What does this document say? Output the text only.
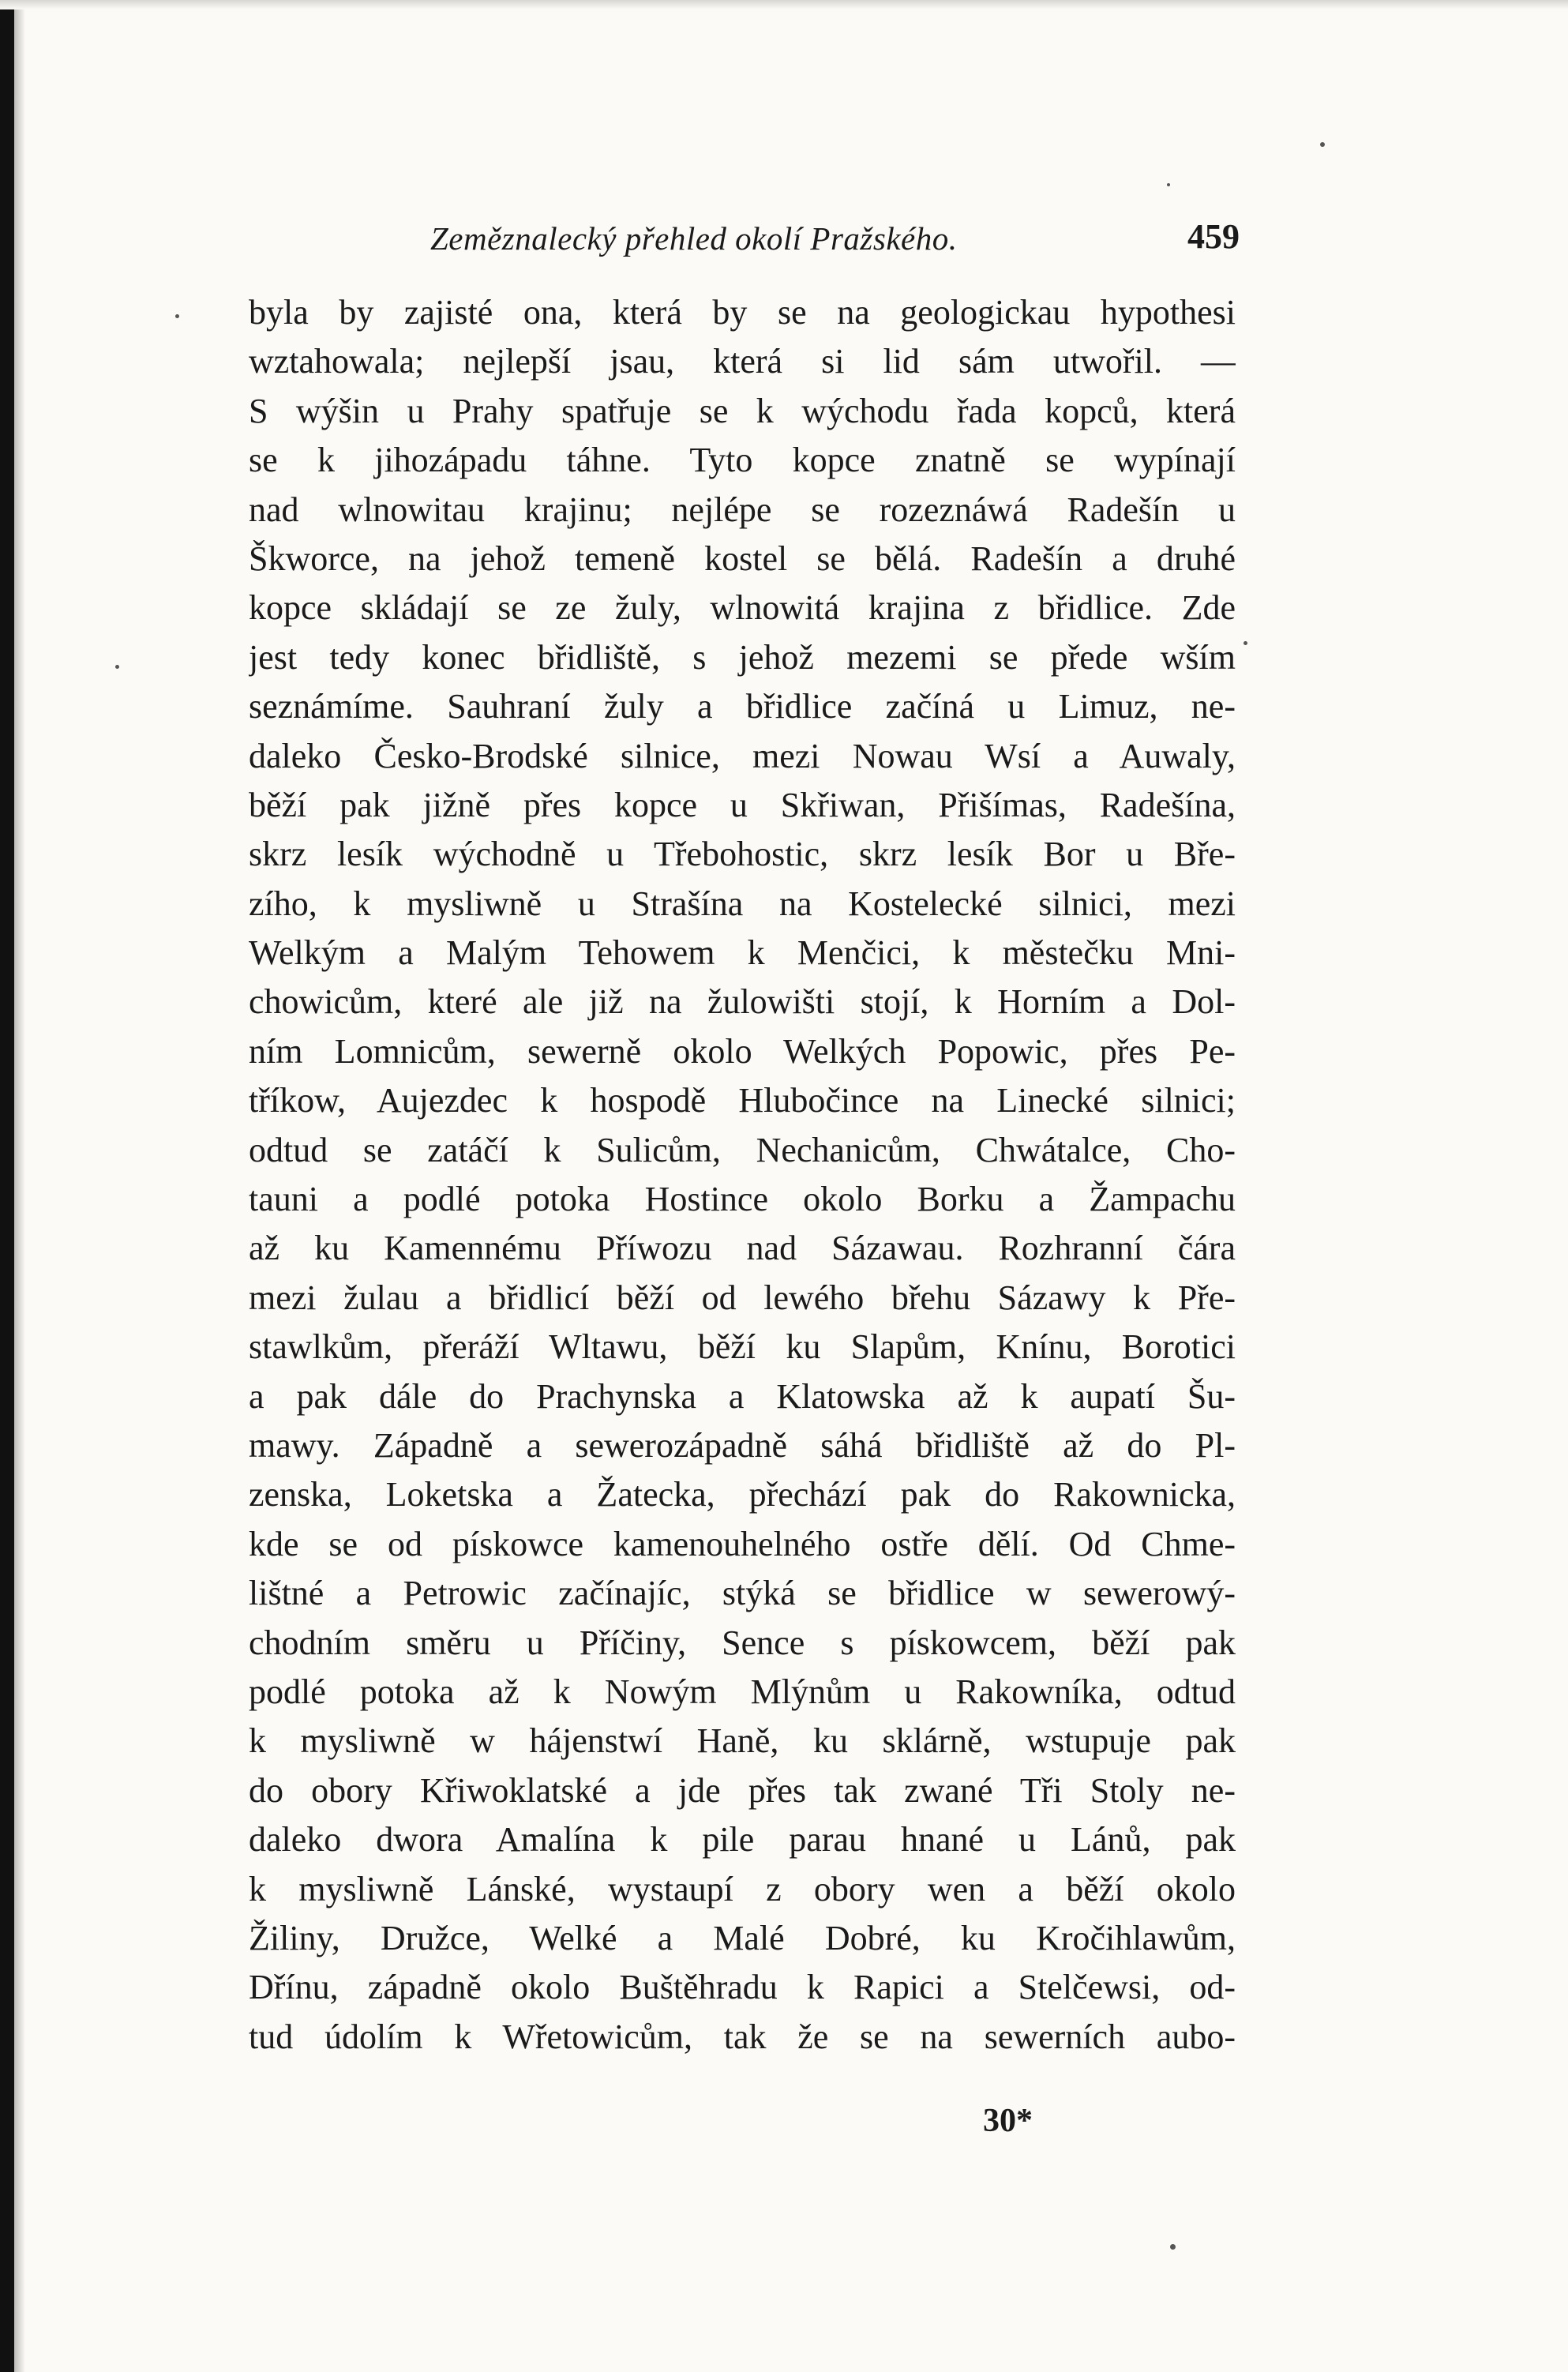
Zeměznalecký přehled okolí Pražského.	459
byla by zajisté ona, která by se na geologickau hypothesi
wztahowala; nejlepší jsau, která si lid sám utwořil. —
S wýšin u Prahy spatřuje se k wýchodu řada kopců, která
se k jihozápadu táhne. Tyto kopce znatně se wypínají
nad wlnowitau krajinu; nejlépe se rozeznáwá Radešín u
Škworce, na jehož temeně kostel se bělá. Radešín a druhé
kopce skládají se ze žuly, wlnowitá krajina z břidlice. Zde
jest tedy konec břidliště, s jehož mezemi se přede wším
seznámíme. Sauhraní žuly a břidlice začíná u Limuz, ne-
daleko Česko-Brodské silnice, mezi Nowau Wsí a Auwaly,
běží pak jižně přes kopce u Skřiwan, Přišímas, Radešína,
skrz lesík wýchodně u Třebohostic, skrz lesík Bor u Bře-
zího, k mysliwně u Strašína na Kostelecké silnici, mezi
Welkým a Malým Tehowem k Menčici, k městečku Mni-
chowicům, které ale již na žulowišti stojí, k Horním a Dol-
ním Lomnicům, sewerně okolo Welkých Popowic, přes Pe-
tříkow, Aujezdec k hospodě Hlubočince na Linecké silnici;
odtud se zatáčí k Sulicům, Nechanicům, Chwátalce, Cho-
tauni a podlé potoka Hostince okolo Borku a Žampachu
až ku Kamennému Příwozu nad Sázawau. Rozhranní čára
mezi žulau a břidlicí běží od lewého břehu Sázawy k Pře-
stawlkům, přeráží Wltawu, běží ku Slapům, Knínu, Borotici
a pak dále do Prachynska a Klatowska až k aupatí Šu-
mawy. Západně a sewerozápadně sáhá břidliště až do Pl-
zenska, Loketska a Žatecka, přechází pak do Rakownicka,
kde se od pískowce kamenouhelného ostře dělí. Od Chme-
lištné a Petrowic začínajíc, stýká se břidlice w sewerowý-
chodním směru u Příčiny, Sence s pískowcem, běží pak
podlé potoka až k Nowým Mlýnům u Rakowníka, odtud
k mysliwně w hájenstwí Haně, ku sklárně, wstupuje pak
do obory Křiwoklatské a jde přes tak zwané Tři Stoly ne-
daleko dwora Amalína k pile parau hnané u Lánů, pak
k mysliwně Lánské, wystaupí z obory wen a běží okolo
Žiliny, Družce, Welké a Malé Dobré, ku Kročihlawům,
Dřínu, západně okolo Buštěhradu k Rapici a Stelčewsi, od-
tud údolím k Wřetowicům, tak že se na sewerních aubo-
30*
